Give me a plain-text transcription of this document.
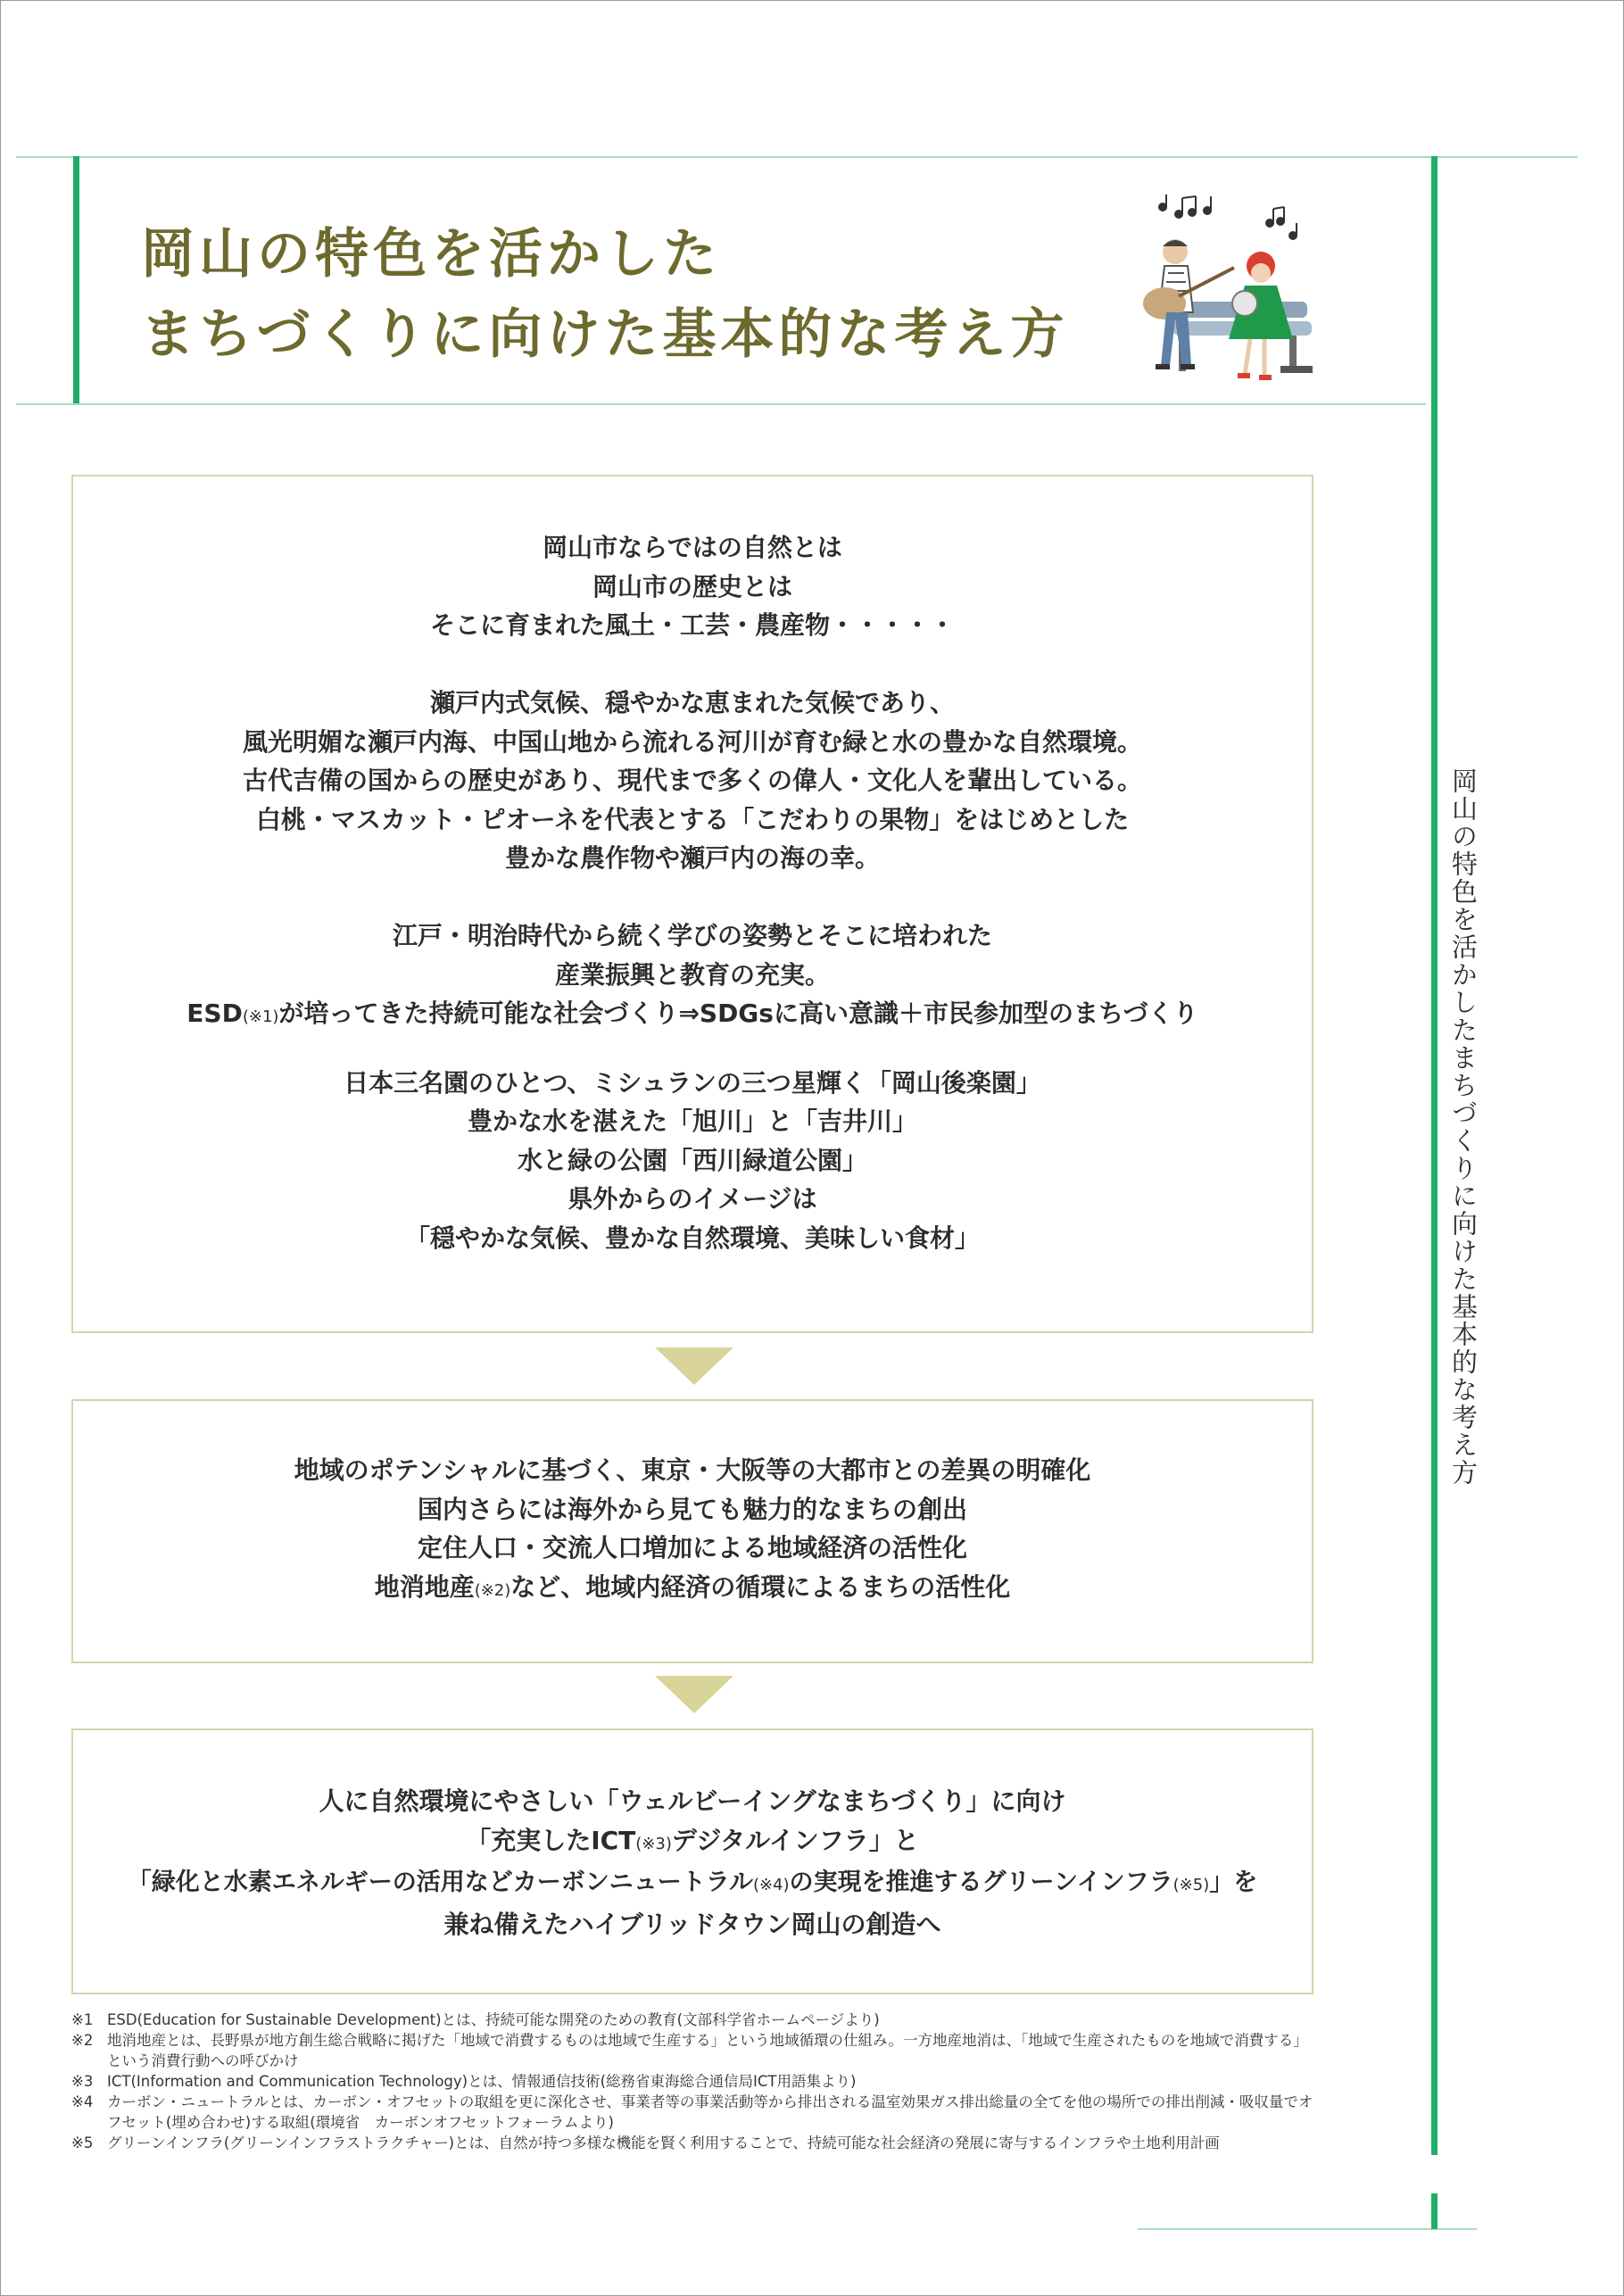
岡山の特色を活かした
まちづくりに向けた基本的な考え方
岡山の特色を活かしたまちづくりに向けた基本的な考え方

岡山市ならではの自然とは

岡山市の歴史とは

そこに育まれた風土・工芸・農産物・・・・・

瀬戸内式気候、穏やかな恵まれた気候であり、

風光明媚な瀬戸内海、中国山地から流れる河川が育む緑と水の豊かな自然環境。

古代吉備の国からの歴史があり、現代まで多くの偉人・文化人を輩出している。

白桃・マスカット・ピオーネを代表とする「こだわりの果物」をはじめとした

豊かな農作物や瀬戸内の海の幸。

江戸・明治時代から続く学びの姿勢とそこに培われた

産業振興と教育の充実。

ESD(※1)が培ってきた持続可能な社会づくり⇒SDGsに高い意識＋市民参加型のまちづくり

日本三名園のひとつ、ミシュランの三つ星輝く「岡山後楽園」

豊かな水を湛えた「旭川」と「吉井川」

水と緑の公園「西川緑道公園」

県外からのイメージは

「穏やかな気候、豊かな自然環境、美味しい食材」

地域のポテンシャルに基づく、東京・大阪等の大都市との差異の明確化

国内さらには海外から見ても魅力的なまちの創出

定住人口・交流人口増加による地域経済の活性化

地消地産(※2)など、地域内経済の循環によるまちの活性化

人に自然環境にやさしい「ウェルビーイングなまちづくり」に向け

「充実したICT(※3)デジタルインフラ」と

「緑化と水素エネルギーの活用などカーボンニュートラル(※4)の実現を推進するグリーンインフラ(※5)」を

兼ね備えたハイブリッドタウン岡山の創造へ

※1 ESD(Education for Sustainable Development)とは、持続可能な開発のための教育(文部科学省ホームページより)
※2 地消地産とは、長野県が地方創生総合戦略に掲げた「地域で消費するものは地域で生産する」という地域循環の仕組み。一方地産地消は、「地域で生産されたものを地域で消費する」という消費行動への呼びかけ
※3 ICT(Information and Communication Technology)とは、情報通信技術(総務省東海総合通信局ICT用語集より)
※4 カーボン・ニュートラルとは、カーボン・オフセットの取組を更に深化させ、事業者等の事業活動等から排出される温室効果ガス排出総量の全てを他の場所での排出削減・吸収量でオフセット(埋め合わせ)する取組(環境省　カーボンオフセットフォーラムより)
※5 グリーンインフラ(グリーンインフラストラクチャー)とは、自然が持つ多様な機能を賢く利用することで、持続可能な社会経済の発展に寄与するインフラや土地利用計画
